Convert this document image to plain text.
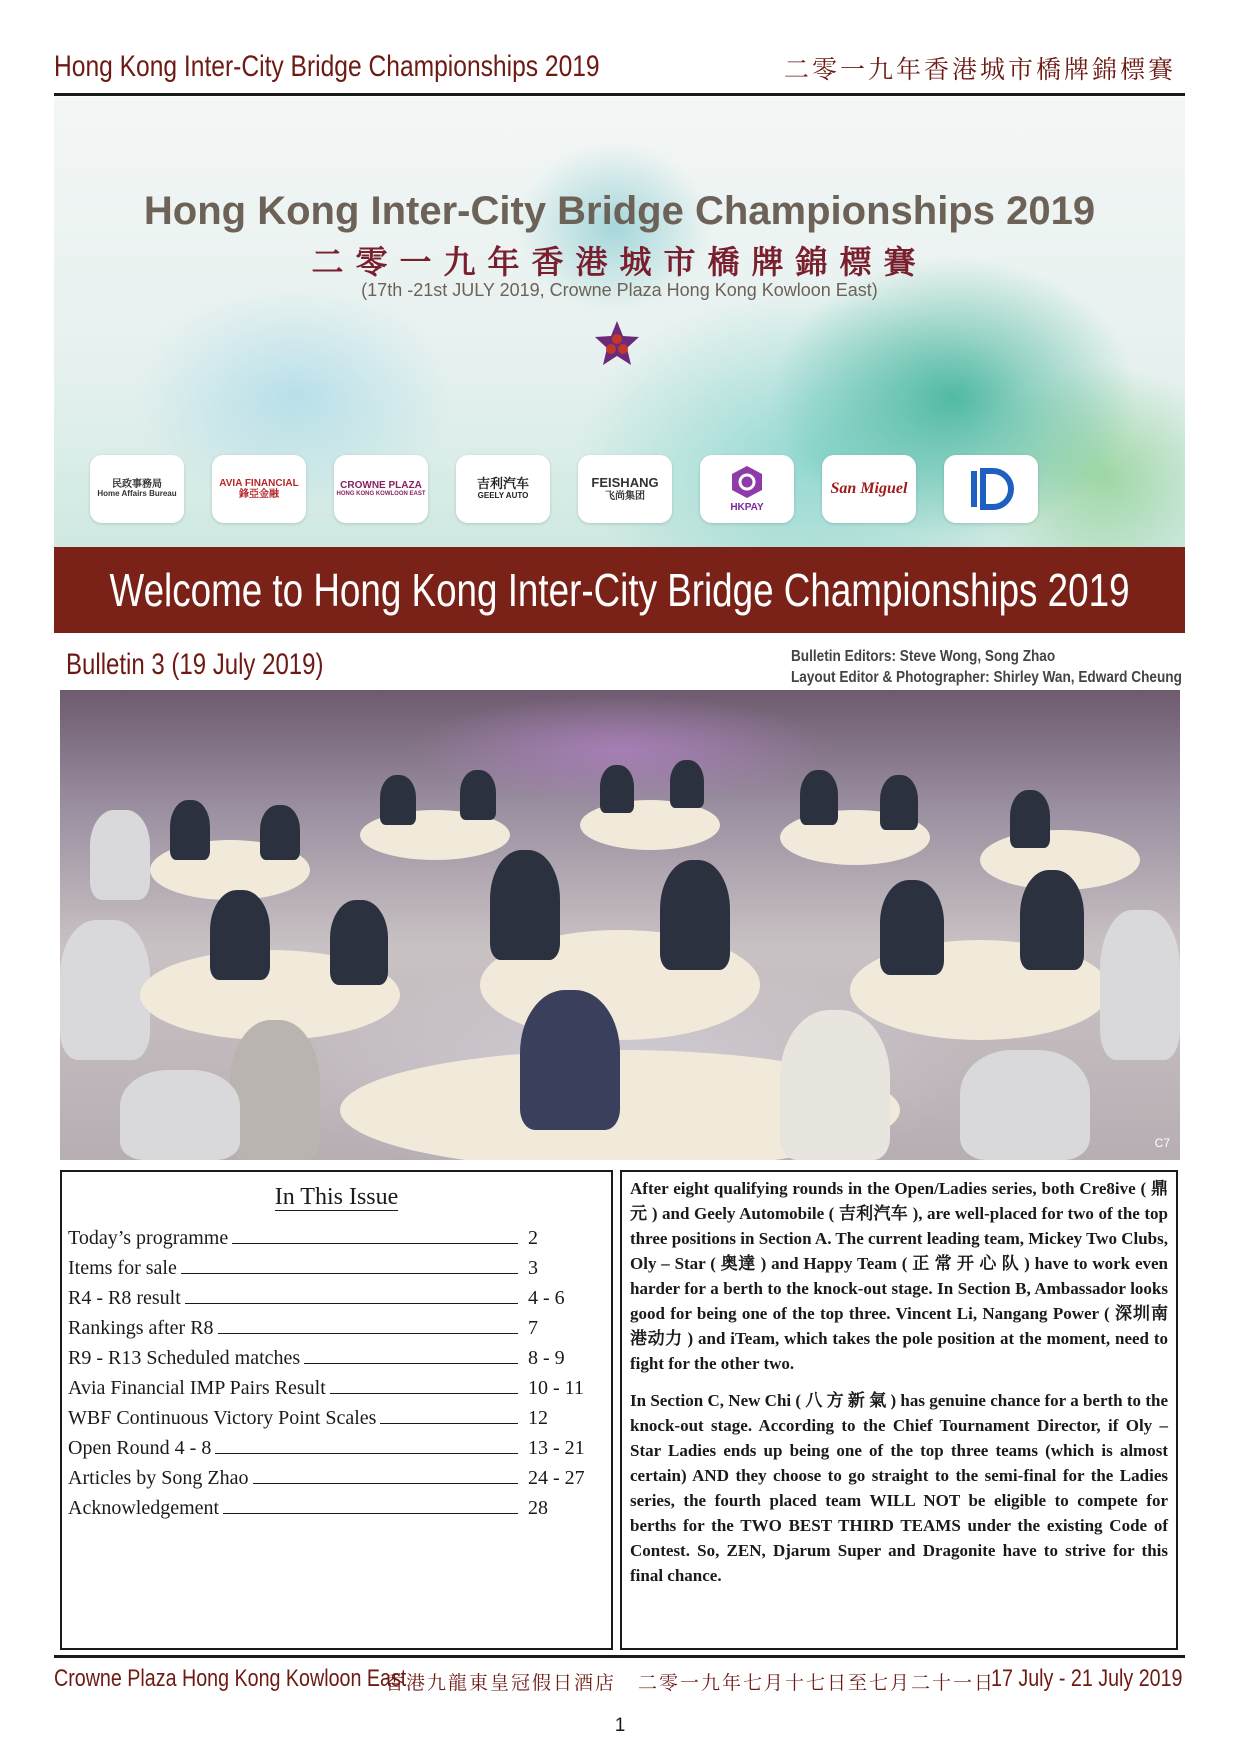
Hong Kong Inter-City Bridge Championships 2019	二零一九年香港城市橋牌錦標賽
Hong Kong Inter-City Bridge Championships 2019
二零一九年香港城市橋牌錦標賽
(17th -21st JULY 2019, Crowne Plaza Hong Kong Kowloon East)
民政事務局
Home Affairs Bureau
AVIA FINANCIAL
鋒亞金融
CROWNE PLAZA
HONG KONG KOWLOON EAST
吉利汽车
GEELY AUTO
FEISHANG
飞尚集团
HKPAY
San Miguel
Welcome to Hong Kong Inter-City Bridge Championships 2019
Bulletin 3 (19 July 2019)	Bulletin Editors: Steve Wong, Song Zhao
Layout Editor & Photographer: Shirley Wan, Edward Cheung
C7
In This Issue
Today’s programme	2
Items for sale	3
R4 - R8 result	4 - 6
Rankings after R8	7
R9 - R13 Scheduled matches	8 - 9
Avia Financial IMP Pairs Result	10 - 11
WBF Continuous Victory Point Scales	12
Open Round 4 - 8	13 - 21
Articles by Song Zhao	24 - 27
Acknowledgement	28

After eight qualifying rounds in the Open/Ladies series, both Cre8ive ( 鼎元 ) and Geely Automobile ( 吉利汽车 ), are well-placed for two of the top three positions in Section A. The current leading team, Mickey Two Clubs, Oly – Star ( 奥達 ) and Happy Team ( 正 常 开 心 队 ) have to work even harder for a berth to the knock-out stage. In Section B, Ambassador looks good for being one of the top three. Vincent Li, Nangang Power ( 深圳南港动力 ) and iTeam, which takes the pole position at the moment, need to fight for the other two.

In Section C, New Chi ( 八 方 新 氣 ) has genuine chance for a berth to the knock-out stage. According to the Chief Tournament Director, if Oly – Star Ladies ends up being one of the top three teams (which is almost certain) AND they choose to go straight to the semi-final for the Ladies series, the fourth placed team WILL NOT be eligible to compete for berths for the TWO BEST THIRD TEAMS under the existing Code of Contest. So, ZEN, Djarum Super and Dragonite have to strive for this final chance.

Crowne Plaza Hong Kong Kowloon East
香港九龍東皇冠假日酒店 二零一九年七月十七日至七月二十一日
17 July - 21 July 2019
1
